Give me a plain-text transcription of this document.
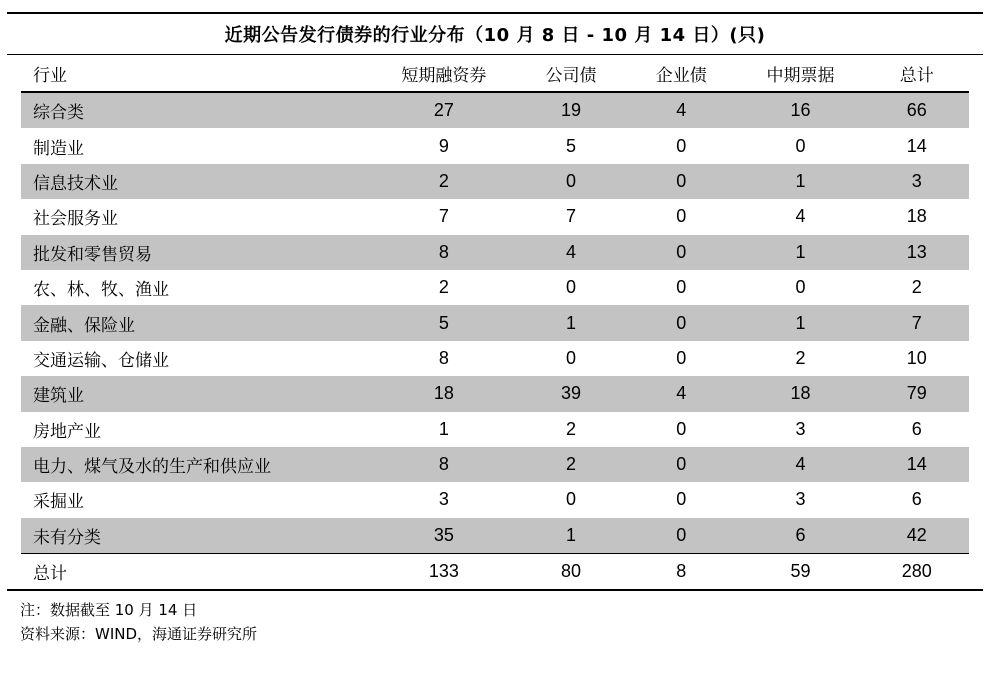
近期公告发行债券的行业分布（10 月 8 日 - 10 月 14 日）(只)
行业	短期融资券	公司债	企业债	中期票据	总计
综合类	27	19	4	16	66
制造业	9	5	0	0	14
信息技术业	2	0	0	1	3
社会服务业	7	7	0	4	18
批发和零售贸易	8	4	0	1	13
农、林、牧、渔业	2	0	0	0	2
金融、保险业	5	1	0	1	7
交通运输、仓储业	8	0	0	2	10
建筑业	18	39	4	18	79
房地产业	1	2	0	3	6
电力、煤气及水的生产和供应业	8	2	0	4	14
采掘业	3	0	0	3	6
未有分类	35	1	0	6	42
总计	133	80	8	59	280
注：数据截至 10 月 14 日
资料来源：WIND，海通证券研究所
